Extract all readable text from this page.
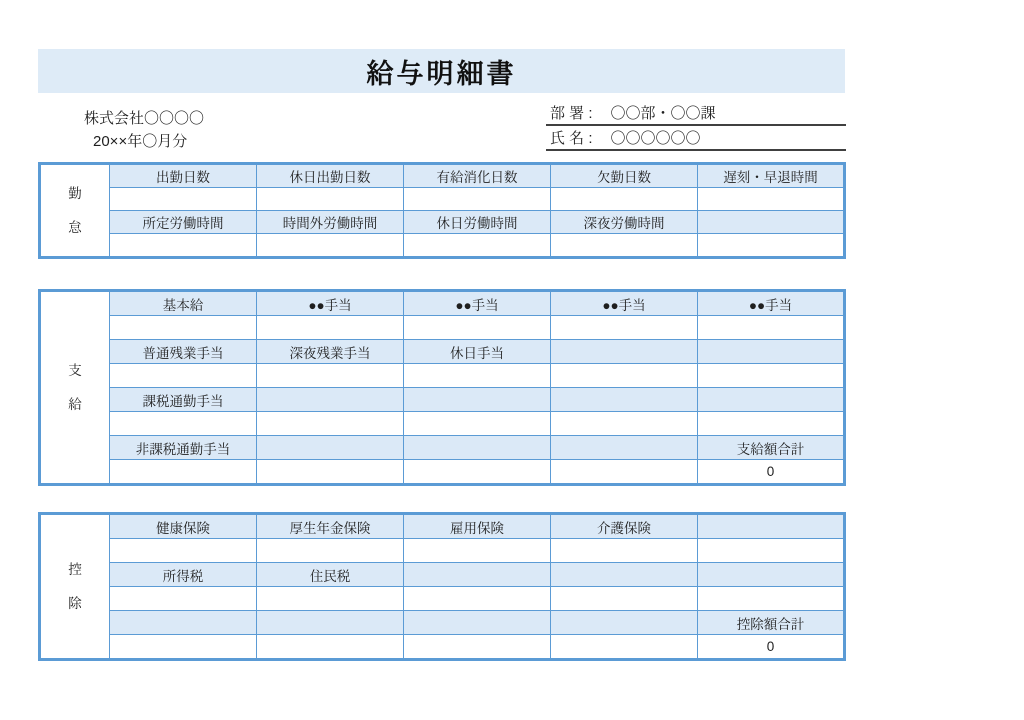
給与明細書
株式会社〇〇〇〇
20××年〇月分
部 署 : 〇〇部・〇〇課
氏 名 : 〇〇〇〇〇〇
勤
怠	出勤日数	休日出勤日数	有給消化日数	欠勤日数	遅刻・早退時間

	所定労働時間	時間外労働時間	休日労働時間	深夜労働時間	

支
給	基本給	●●手当	●●手当	●●手当	●●手当

	普通残業手当	深夜残業手当	休日手当		

	課税通勤手当				

	非課税通勤手当				支給額合計
					0
控
除	健康保険	厚生年金保険	雇用保険	介護保険	

	所得税	住民税			

					控除額合計
					0
